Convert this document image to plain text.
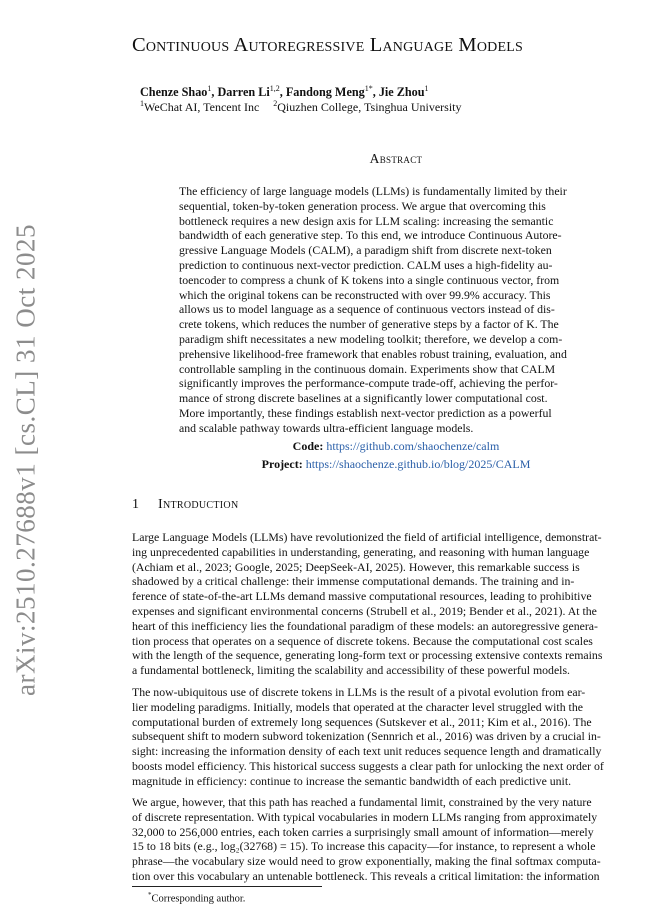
arXiv:2510.27688v1 [cs.CL] 31 Oct 2025
Continuous Autoregressive Language Models
Chenze Shao$^1$, Darren Li$^{1,2}$, Fandong Meng$^{1*}$, Jie Zhou$^1$
$^1$WeChat AI, Tencent Inc $^2$Qiuzhen College, Tsinghua University
Abstract
The efficiency of large language models (LLMs) is fundamentally limited by their
sequential, token-by-token generation process. We argue that overcoming this
bottleneck requires a new design axis for LLM scaling: increasing the semantic
bandwidth of each generative step. To this end, we introduce Continuous Autore-
gressive Language Models (CALM), a paradigm shift from discrete next-token
prediction to continuous next-vector prediction. CALM uses a high-fidelity au-
toencoder to compress a chunk of K tokens into a single continuous vector, from
which the original tokens can be reconstructed with over 99.9% accuracy. This
allows us to model language as a sequence of continuous vectors instead of dis-
crete tokens, which reduces the number of generative steps by a factor of K. The
paradigm shift necessitates a new modeling toolkit; therefore, we develop a com-
prehensive likelihood-free framework that enables robust training, evaluation, and
controllable sampling in the continuous domain. Experiments show that CALM
significantly improves the performance-compute trade-off, achieving the perfor-
mance of strong discrete baselines at a significantly lower computational cost.
More importantly, these findings establish next-vector prediction as a powerful
and scalable pathway towards ultra-efficient language models.
Code: https://github.com/shaochenze/calm
Project: https://shaochenze.github.io/blog/2025/CALM
1 Introduction
Large Language Models (LLMs) have revolutionized the field of artificial intelligence, demonstrat-
ing unprecedented capabilities in understanding, generating, and reasoning with human language
(Achiam et al., 2023; Google, 2025; DeepSeek-AI, 2025). However, this remarkable success is
shadowed by a critical challenge: their immense computational demands. The training and in-
ference of state-of-the-art LLMs demand massive computational resources, leading to prohibitive
expenses and significant environmental concerns (Strubell et al., 2019; Bender et al., 2021). At the
heart of this inefficiency lies the foundational paradigm of these models: an autoregressive genera-
tion process that operates on a sequence of discrete tokens. Because the computational cost scales
with the length of the sequence, generating long-form text or processing extensive contexts remains
a fundamental bottleneck, limiting the scalability and accessibility of these powerful models.
The now-ubiquitous use of discrete tokens in LLMs is the result of a pivotal evolution from ear-
lier modeling paradigms. Initially, models that operated at the character level struggled with the
computational burden of extremely long sequences (Sutskever et al., 2011; Kim et al., 2016). The
subsequent shift to modern subword tokenization (Sennrich et al., 2016) was driven by a crucial in-
sight: increasing the information density of each text unit reduces sequence length and dramatically
boosts model efficiency. This historical success suggests a clear path for unlocking the next order of
magnitude in efficiency: continue to increase the semantic bandwidth of each predictive unit.
We argue, however, that this path has reached a fundamental limit, constrained by the very nature
of discrete representation. With typical vocabularies in modern LLMs ranging from approximately
32,000 to 256,000 entries, each token carries a surprisingly small amount of information—merely
15 to 18 bits (e.g., log₂(32768) = 15). To increase this capacity—for instance, to represent a whole
phrase—the vocabulary size would need to grow exponentially, making the final softmax computa-
tion over this vocabulary an untenable bottleneck. This reveals a critical limitation: the information
*Corresponding author.
